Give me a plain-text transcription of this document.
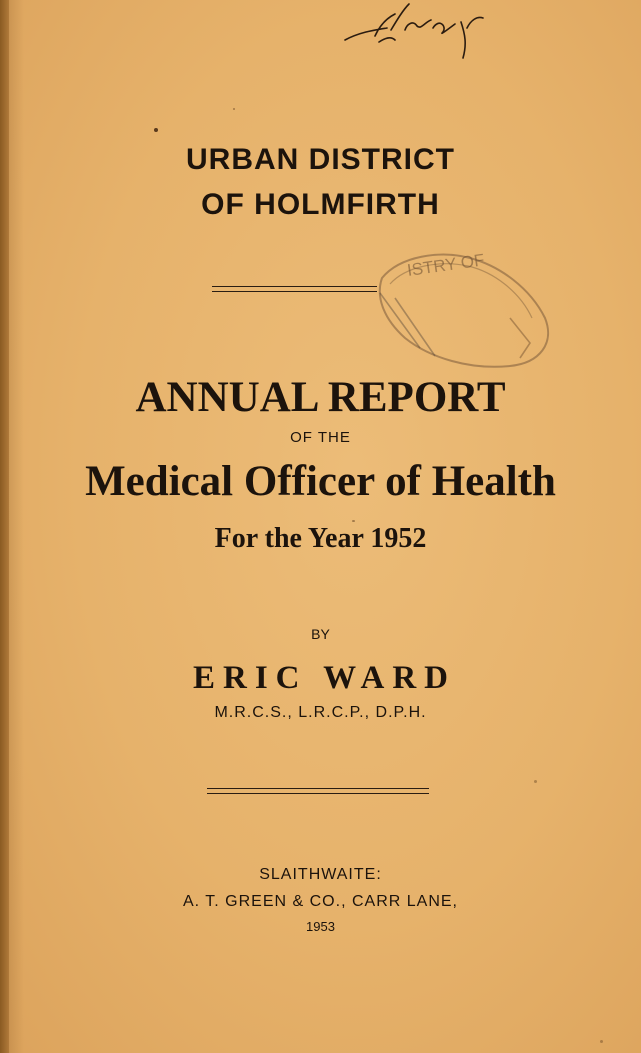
URBAN DISTRICT
OF HOLMFIRTH
ISTRY OF
ANNUAL REPORT
OF THE
Medical Officer of Health
For the Year 1952
BY
ERIC WARD
M.R.C.S., L.R.C.P., D.P.H.
SLAITHWAITE:
A. T. GREEN & CO., CARR LANE,
1953
